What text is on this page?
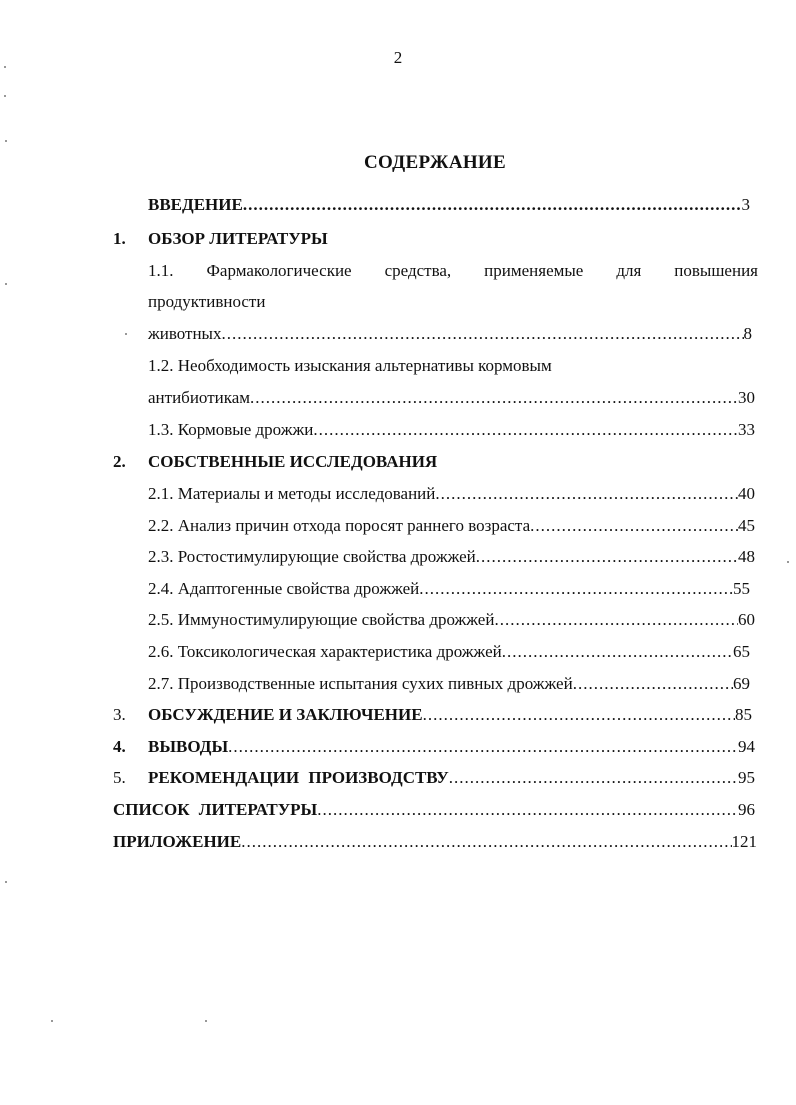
2
СОДЕРЖАНИЕ
ВВЕДЕНИЕ .....	3
1. ОБЗОР ЛИТЕРАТУРЫ
1.1. Фармакологические средства, применяемые для повышения
продуктивности
животных .....	8
1.2. Необходимость изыскания альтернативы кормовым
антибиотикам .....	30
1.3. Кормовые дрожжи .....	33
2. СОБСТВЕННЫЕ ИССЛЕДОВАНИЯ
2.1. Материалы и методы исследований .....	40
2.2. Анализ причин отхода поросят раннего возраста .....	45
2.3. Ростостимулирующие свойства дрожжей .....	48
2.4. Адаптогенные свойства дрожжей .....	55
2.5. Иммуностимулирующие свойства дрожжей .....	60
2.6. Токсикологическая характеристика дрожжей .....	65
2.7. Производственные испытания сухих пивных дрожжей .....	69
3. ОБСУЖДЕНИЕ И ЗАКЛЮЧЕНИЕ .....	85
4. ВЫВОДЫ .....	94
5. РЕКОМЕНДАЦИИ ПРОИЗВОДСТВУ .....	95
СПИСОК ЛИТЕРАТУРЫ .....	96
ПРИЛОЖЕНИЕ .....	121
